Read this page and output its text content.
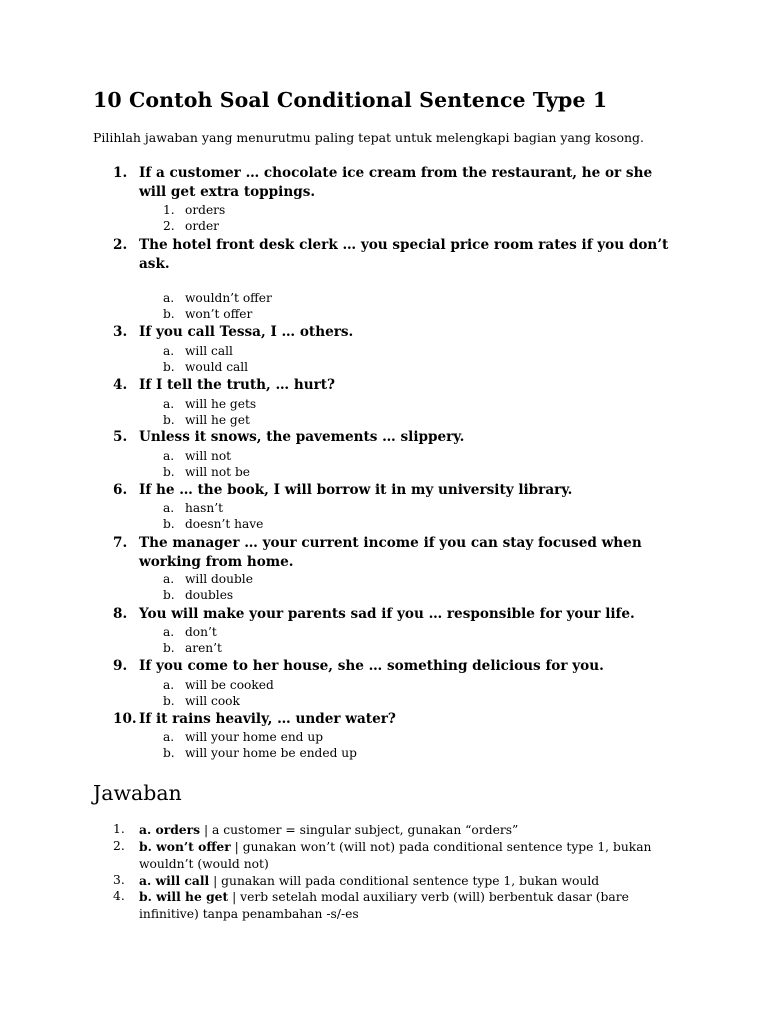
10 Contoh Soal Conditional Sentence Type 1
Pilihlah jawaban yang menurutmu paling tepat untuk melengkapi bagian yang kosong.
1. If a customer … chocolate ice cream from the restaurant, he or she will get extra toppings.
1. orders
2. order
2. The hotel front desk clerk … you special price room rates if you don’t ask.
a. wouldn’t offer
b. won’t offer
3. If you call Tessa, I … others.
a. will call
b. would call
4. If I tell the truth, … hurt?
a. will he gets
b. will he get
5. Unless it snows, the pavements … slippery.
a. will not
b. will not be
6. If he … the book, I will borrow it in my university library.
a. hasn’t
b. doesn’t have
7. The manager … your current income if you can stay focused when working from home.
a. will double
b. doubles
8. You will make your parents sad if you … responsible for your life.
a. don’t
b. aren’t
9. If you come to her house, she … something delicious for you.
a. will be cooked
b. will cook
10. If it rains heavily, … under water?
a. will your home end up
b. will your home be ended up
Jawaban
1. a. orders | a customer = singular subject, gunakan “orders”
2. b. won’t offer | gunakan won’t (will not) pada conditional sentence type 1, bukan wouldn’t (would not)
3. a. will call | gunakan will pada conditional sentence type 1, bukan would
4. b. will he get | verb setelah modal auxiliary verb (will) berbentuk dasar (bare infinitive) tanpa penambahan -s/-es
